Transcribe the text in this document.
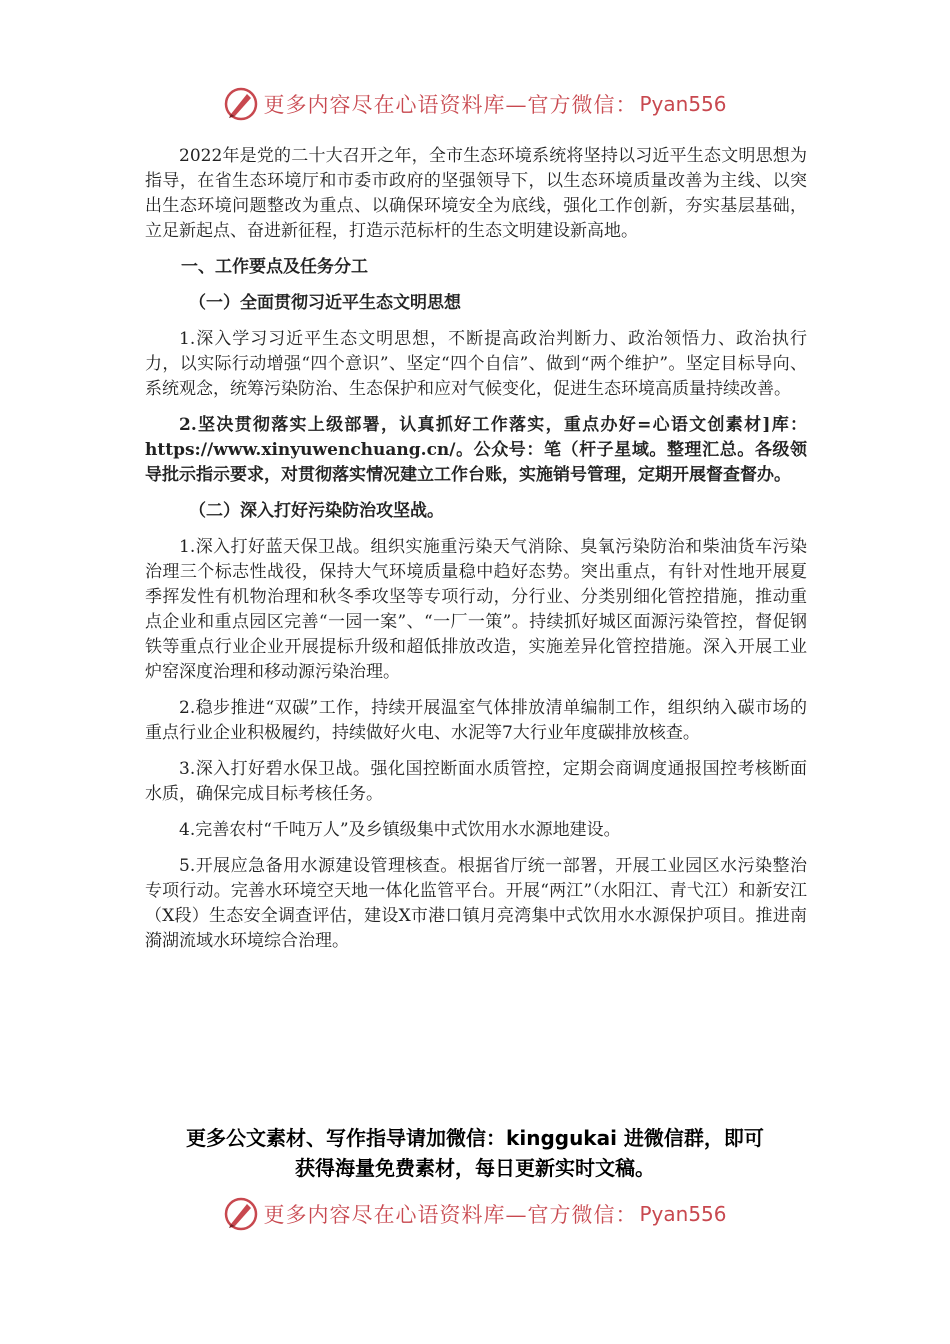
更多内容尽在心语资料库—官方微信： Pyan556

2022年是党的二十大召开之年，全市生态环境系统将坚持以习近平生态文明思想为指导，在省生态环境厅和市委市政府的坚强领导下，以生态环境质量改善为主线、以突出生态环境问题整改为重点、以确保环境安全为底线，强化工作创新，夯实基层基础，立足新起点、奋进新征程，打造示范标杆的生态文明建设新高地。

一、工作要点及任务分工

（一）全面贯彻习近平生态文明思想

1.深入学习习近平生态文明思想，不断提高政治判断力、政治领悟力、政治执行力，以实际行动增强“四个意识”、坚定“四个自信”、做到“两个维护”。坚定目标导向、系统观念，统筹污染防治、生态保护和应对气候变化，促进生态环境高质量持续改善。

2.坚决贯彻落实上级部署，认真抓好工作落实，重点办好=心语文创素材]库：https://www.xinyuwenchuang.cn/。公众号：笔（杆子星域。整理汇总。各级领导批示指示要求，对贯彻落实情况建立工作台账，实施销号管理，定期开展督查督办。

（二）深入打好污染防治攻坚战。

1.深入打好蓝天保卫战。组织实施重污染天气消除、臭氧污染防治和柴油货车污染治理三个标志性战役，保持大气环境质量稳中趋好态势。突出重点，有针对性地开展夏季挥发性有机物治理和秋冬季攻坚等专项行动，分行业、分类别细化管控措施，推动重点企业和重点园区完善“一园一案”、“一厂一策”。持续抓好城区面源污染管控，督促钢铁等重点行业企业开展提标升级和超低排放改造，实施差异化管控措施。深入开展工业炉窑深度治理和移动源污染治理。

2.稳步推进“双碳”工作，持续开展温室气体排放清单编制工作，组织纳入碳市场的重点行业企业积极履约，持续做好火电、水泥等7大行业年度碳排放核查。

3.深入打好碧水保卫战。强化国控断面水质管控，定期会商调度通报国控考核断面水质，确保完成目标考核任务。

4.完善农村“千吨万人”及乡镇级集中式饮用水水源地建设。

5.开展应急备用水源建设管理核查。根据省厅统一部署，开展工业园区水污染整治专项行动。完善水环境空天地一体化监管平台。开展“两江”（水阳江、青弋江）和新安江（X段）生态安全调查评估，建设X市港口镇月亮湾集中式饮用水水源保护项目。推进南漪湖流域水环境综合治理。

更多公文素材、写作指导请加微信：kinggukai 进微信群，即可
获得海量免费素材，每日更新实时文稿。
更多内容尽在心语资料库—官方微信： Pyan556
